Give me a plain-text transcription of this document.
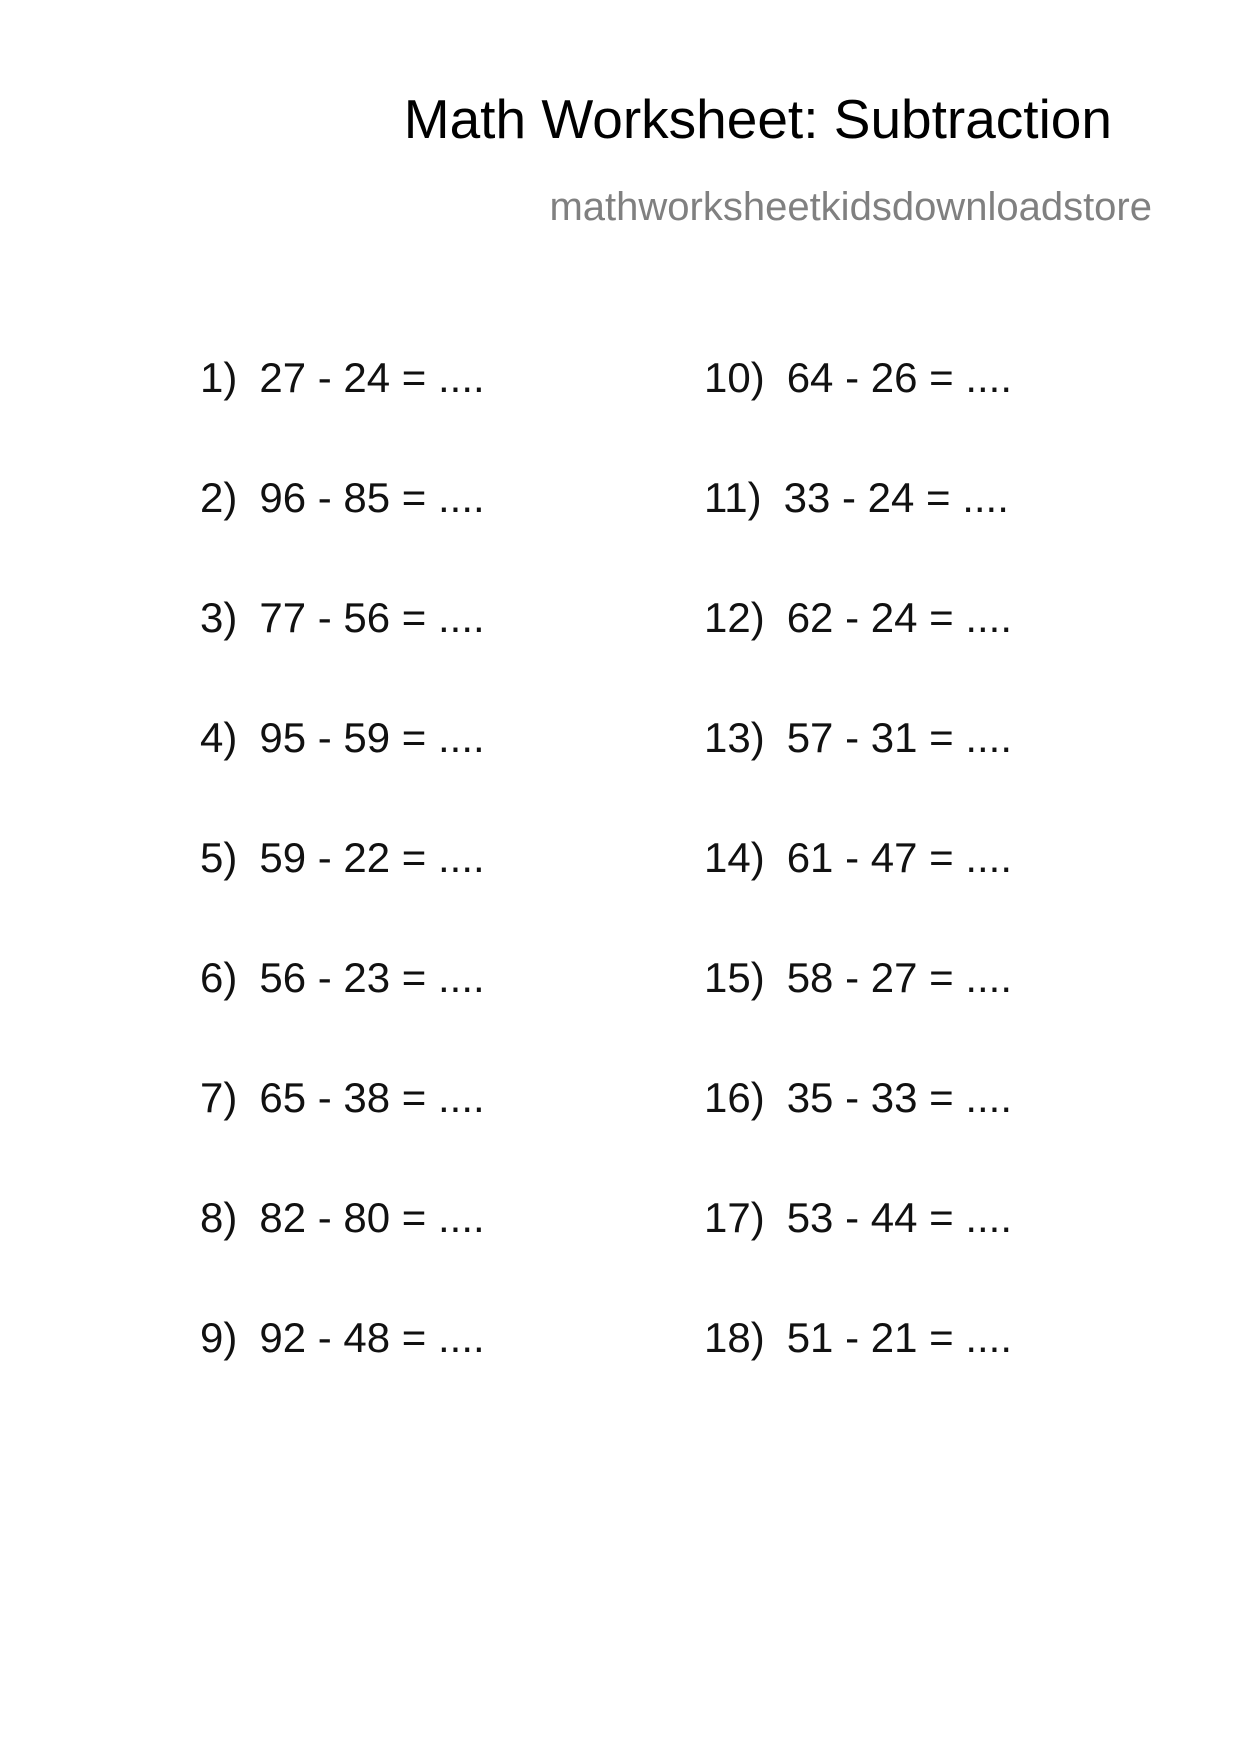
Math Worksheet: Subtraction
mathworksheetkidsdownloadstore
1) 27 - 24 = ....
2) 96 - 85 = ....
3) 77 - 56 = ....
4) 95 - 59 = ....
5) 59 - 22 = ....
6) 56 - 23 = ....
7) 65 - 38 = ....
8) 82 - 80 = ....
9) 92 - 48 = ....
10) 64 - 26 = ....
11) 33 - 24 = ....
12) 62 - 24 = ....
13) 57 - 31 = ....
14) 61 - 47 = ....
15) 58 - 27 = ....
16) 35 - 33 = ....
17) 53 - 44 = ....
18) 51 - 21 = ....
